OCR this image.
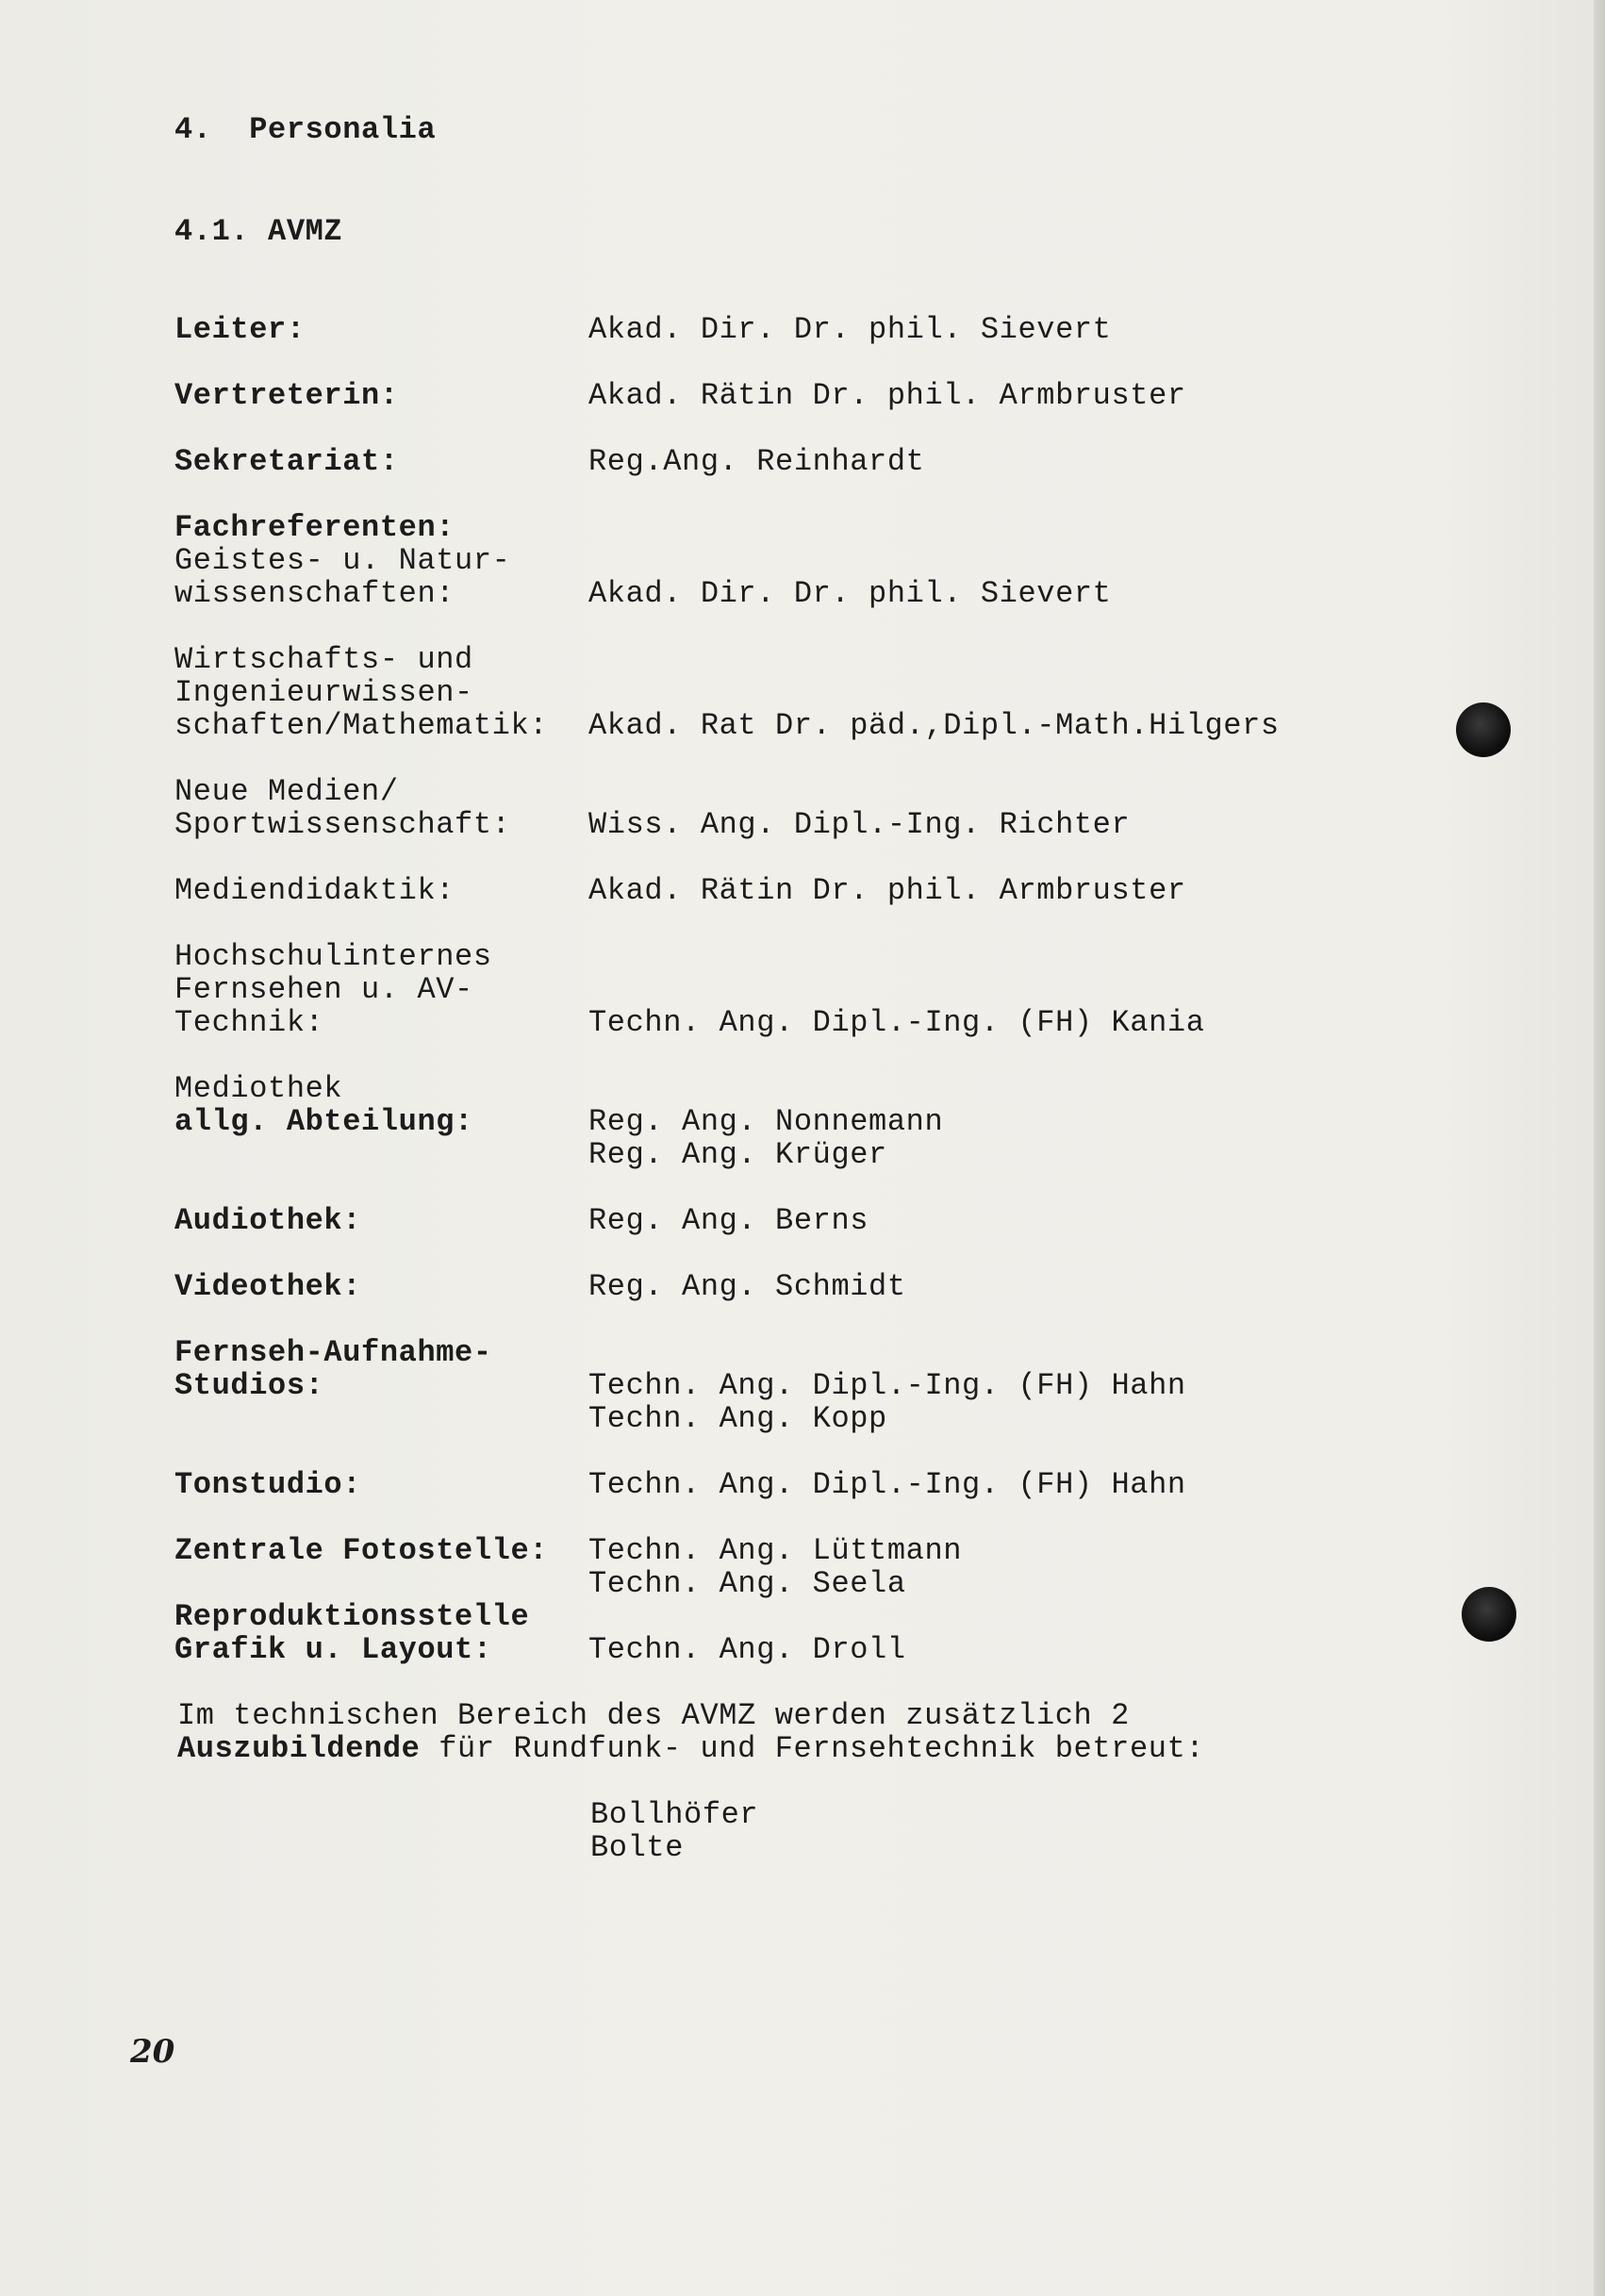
4.  Personalia
4.1. AVMZ
Leiter:	Akad. Dir. Dr. phil. Sievert
Vertreterin:	Akad. Rätin Dr. phil. Armbruster
Sekretariat:	Reg.Ang. Reinhardt
Fachreferenten:
Geistes- u. Natur-
wissenschaften:	Akad. Dir. Dr. phil. Sievert
Wirtschafts- und
Ingenieurwissen-
schaften/Mathematik: Akad. Rat Dr. päd.,Dipl.-Math.Hilgers
Neue Medien/
Sportwissenschaft:	Wiss. Ang. Dipl.-Ing. Richter
Mediendidaktik:	Akad. Rätin Dr. phil. Armbruster
Hochschulinternes
Fernsehen u. AV-
Technik:	Techn. Ang. Dipl.-Ing. (FH) Kania
Mediothek
allg. Abteilung:	Reg. Ang. Nonnemann
Reg. Ang. Krüger
Audiothek:	Reg. Ang. Berns
Videothek:	Reg. Ang. Schmidt
Fernseh-Aufnahme-
Studios:	Techn. Ang. Dipl.-Ing. (FH) Hahn
Techn. Ang. Kopp
Tonstudio:	Techn. Ang. Dipl.-Ing. (FH) Hahn
Zentrale Fotostelle: Techn. Ang. Lüttmann
Techn. Ang. Seela
Reproduktionsstelle
Grafik u. Layout:	Techn. Ang. Droll
Im technischen Bereich des AVMZ werden zusätzlich 2
Auszubildende für Rundfunk- und Fernsehtechnik betreut:
Bollhöfer
Bolte
20
